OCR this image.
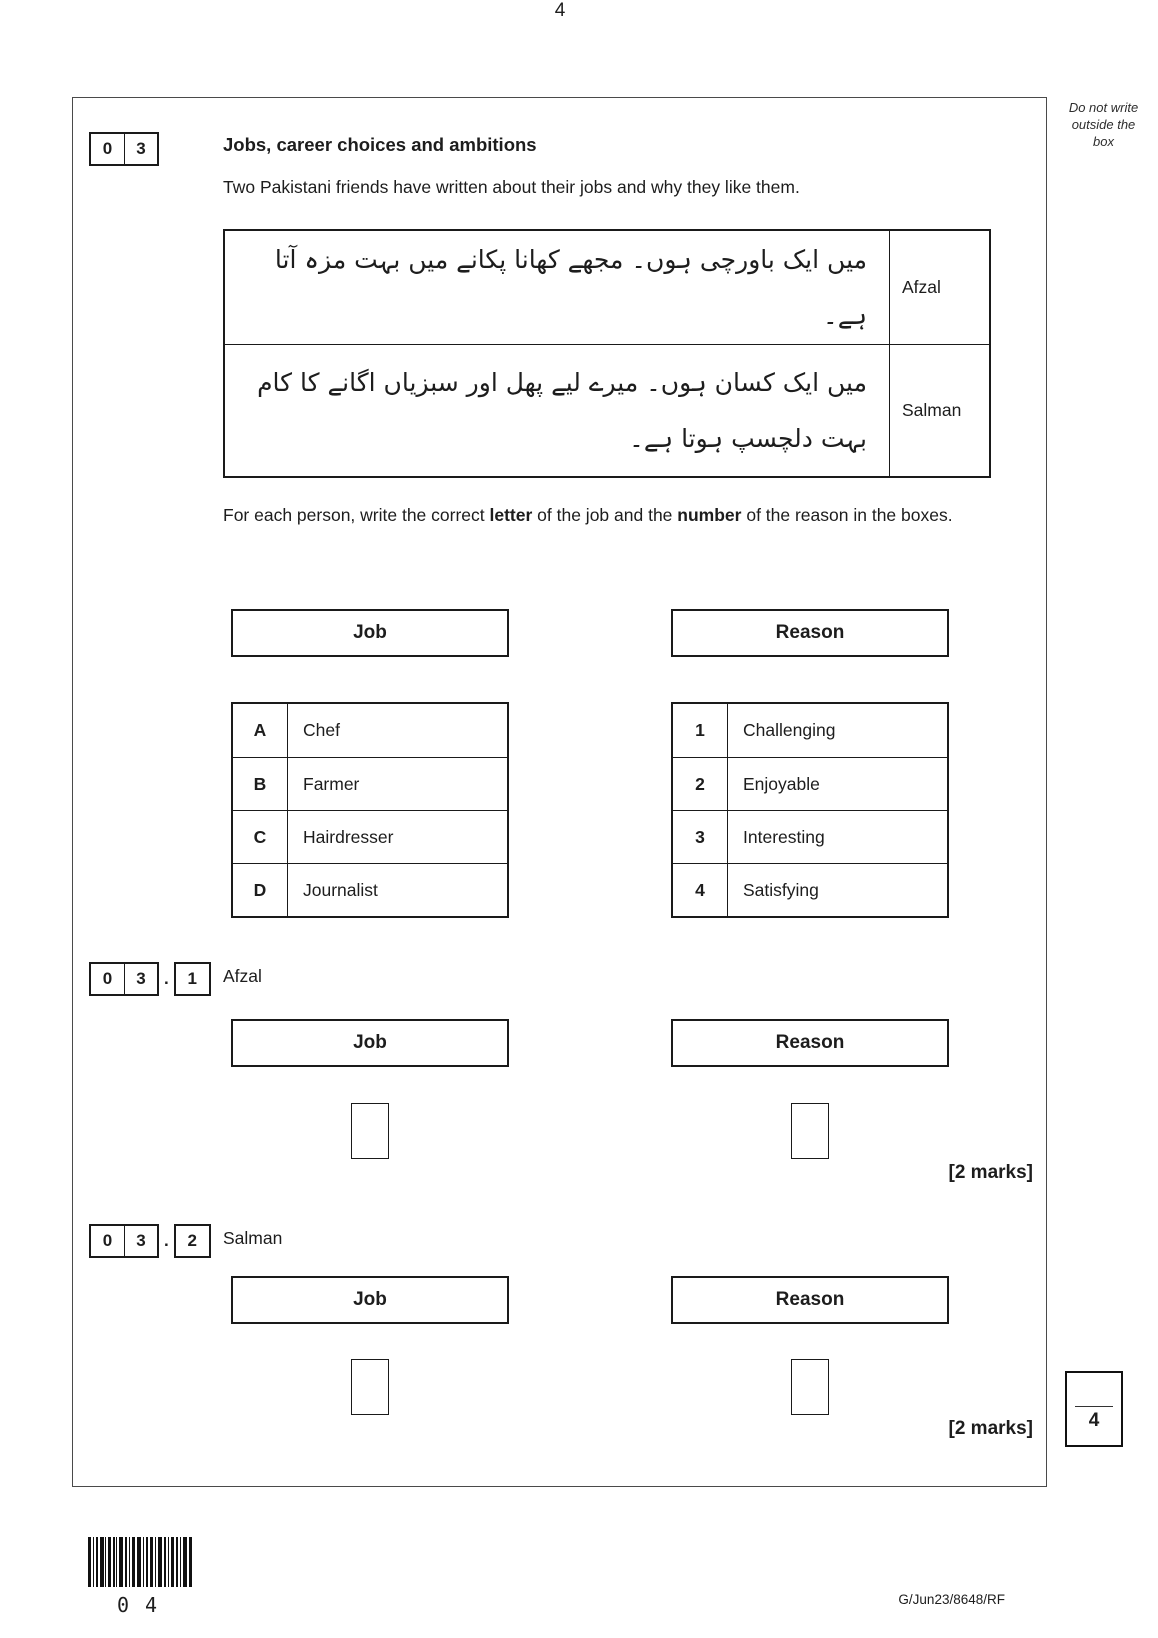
4
Do not write
outside the
box
0	3	Jobs, career choices and ambitions
Two Pakistani friends have written about their jobs and why they like them.
میں ایک باورچی ہوں۔ مجھے کھانا پکانے میں بہت مزہ آتا ہے۔
Afzal
میں ایک کسان ہوں۔ میرے لیے پھل اور سبزیاں اگانے کا کام بہت دلچسپ ہوتا ہے۔
Salman
For each person, write the correct letter of the job and the number of the reason in the boxes.
Job	Reason
A	Chef
B	Farmer
C	Hairdresser
D	Journalist
1	Challenging
2	Enjoyable
3	Interesting
4	Satisfying
0	3	.	1	Afzal
Job	Reason
[2 marks]
0	3	.	2	Salman
Job	Reason
[2 marks]	4
04	G/Jun23/8648/RF
